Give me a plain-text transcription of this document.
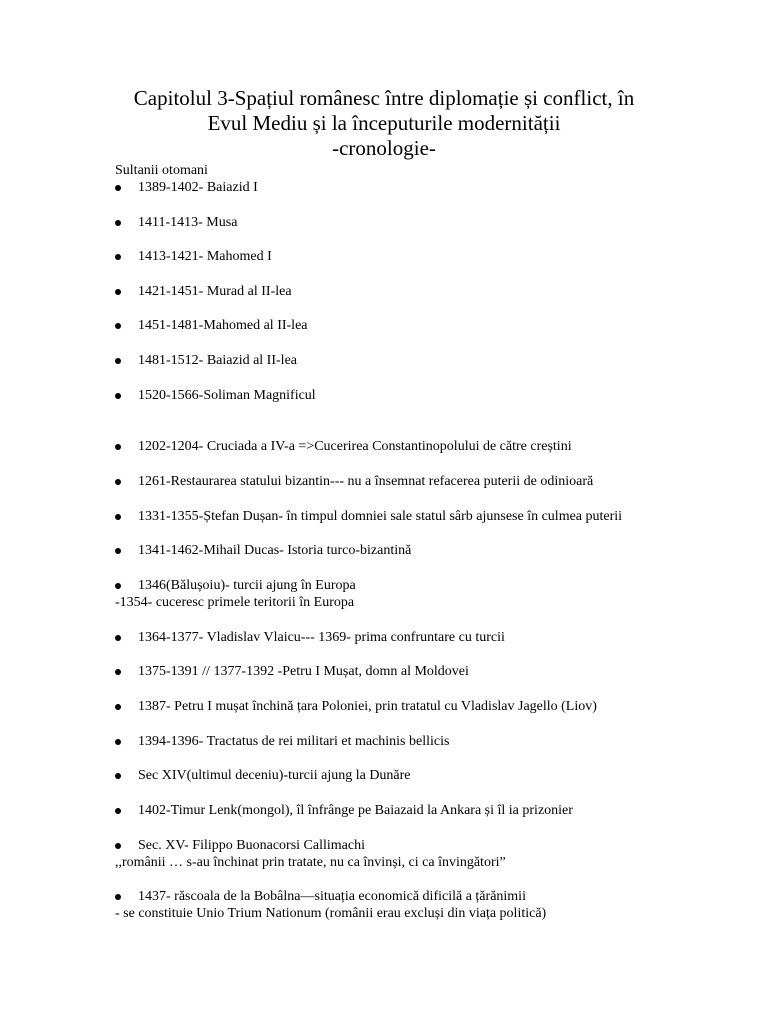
Capitolul 3-Spațiul românesc între diplomație și conflict, în
Evul Mediu și la începuturile modernității
-cronologie-
Sultanii otomani
1389-1402- Baiazid I
1411-1413- Musa
1413-1421- Mahomed I
1421-1451- Murad al II-lea
1451-1481-Mahomed al II-lea
1481-1512- Baiazid al II-lea
1520-1566-Soliman Magnificul
1202-1204- Cruciada a IV-a =>Cucerirea Constantinopolului de către creștini
1261-Restaurarea statului bizantin--- nu a însemnat refacerea puterii de odinioară
1331-1355-Ștefan Dușan- în timpul domniei sale statul sârb ajunsese în culmea puterii
1341-1462-Mihail Ducas- Istoria turco-bizantină
1346(Bălușoiu)- turcii ajung în Europa
-1354- cuceresc primele teritorii în Europa
1364-1377- Vladislav Vlaicu--- 1369- prima confruntare cu turcii
1375-1391 // 1377-1392 -Petru I Mușat, domn al Moldovei
1387- Petru I mușat închină țara Poloniei, prin tratatul cu Vladislav Jagello (Liov)
1394-1396- Tractatus de rei militari et machinis bellicis
Sec XIV(ultimul deceniu)-turcii ajung la Dunăre
1402-Timur Lenk(mongol), îl înfrânge pe Baiazaid la Ankara și îl ia prizonier
Sec. XV- Filippo Buonacorsi Callimachi
,,românii … s-au închinat prin tratate, nu ca învinși, ci ca învingători”
1437- răscoala de la Bobâlna—situația economică dificilă a țărănimii
- se constituie Unio Trium Nationum (românii erau excluși din viața politică)
